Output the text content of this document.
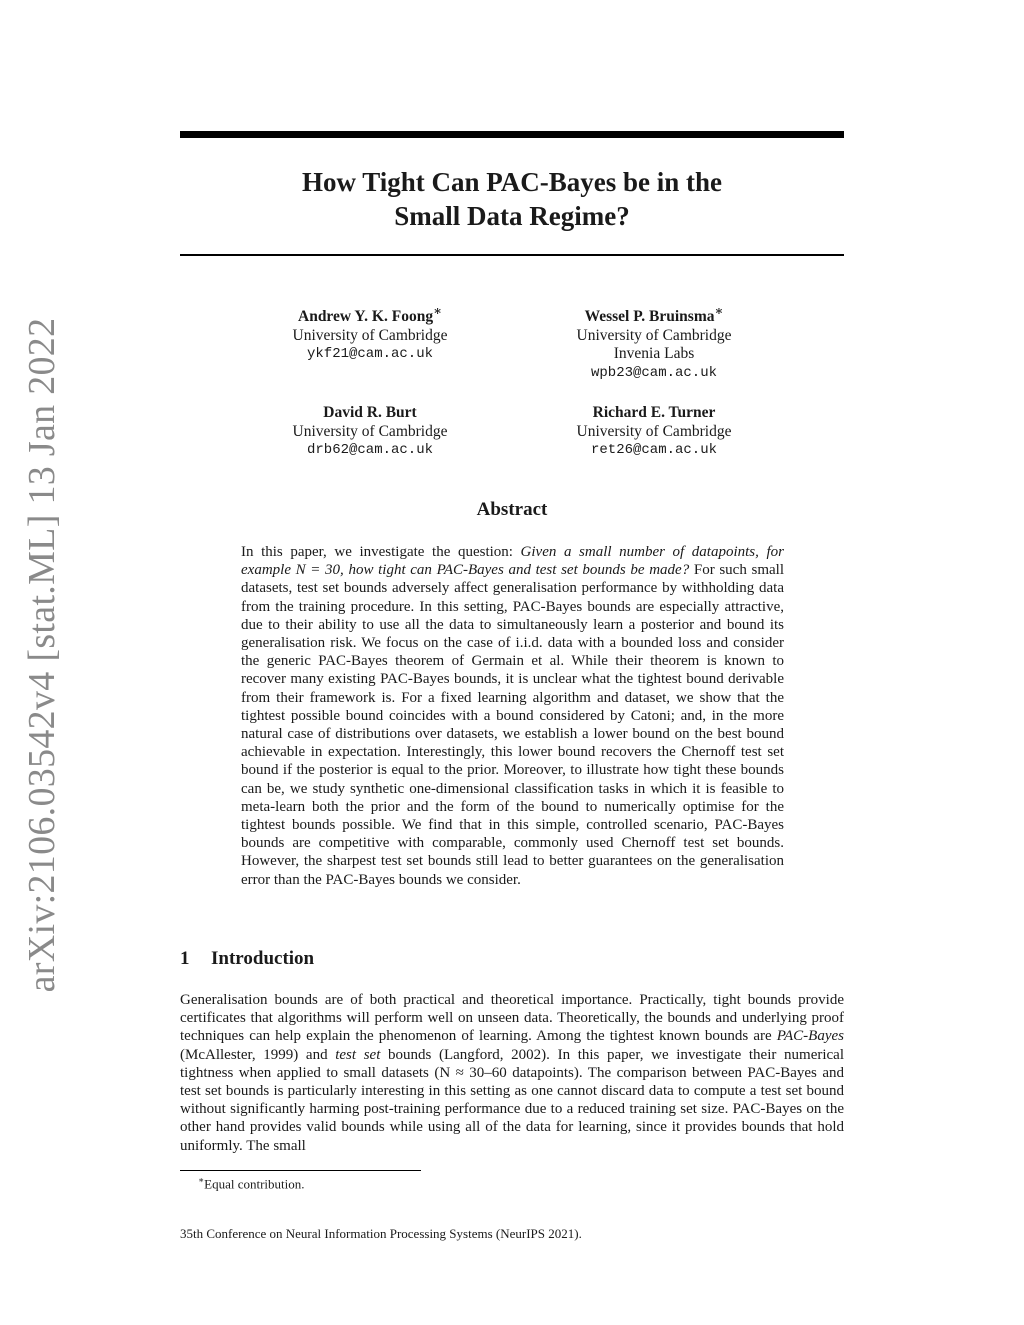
arXiv:2106.03542v4 [stat.ML] 13 Jan 2022
How Tight Can PAC-Bayes be in the
Small Data Regime?
Andrew Y. K. Foong∗
University of Cambridge
ykf21@cam.ac.uk
Wessel P. Bruinsma∗
University of Cambridge
Invenia Labs
wpb23@cam.ac.uk
David R. Burt
University of Cambridge
drb62@cam.ac.uk
Richard E. Turner
University of Cambridge
ret26@cam.ac.uk
Abstract

In this paper, we investigate the question: Given a small number of datapoints, for example N = 30, how tight can PAC-Bayes and test set bounds be made? For such small datasets, test set bounds adversely affect generalisation performance by withholding data from the training procedure. In this setting, PAC-Bayes bounds are especially attractive, due to their ability to use all the data to simultaneously learn a posterior and bound its generalisation risk. We focus on the case of i.i.d. data with a bounded loss and consider the generic PAC-Bayes theorem of Germain et al. While their theorem is known to recover many existing PAC-Bayes bounds, it is unclear what the tightest bound derivable from their framework is. For a fixed learning algorithm and dataset, we show that the tightest possible bound coincides with a bound considered by Catoni; and, in the more natural case of distributions over datasets, we establish a lower bound on the best bound achievable in expectation. Interestingly, this lower bound recovers the Chernoff test set bound if the posterior is equal to the prior. Moreover, to illustrate how tight these bounds can be, we study synthetic one-dimensional classification tasks in which it is feasible to meta-learn both the prior and the form of the bound to numerically optimise for the tightest bounds possible. We find that in this simple, controlled scenario, PAC-Bayes bounds are competitive with comparable, commonly used Chernoff test set bounds. However, the sharpest test set bounds still lead to better guarantees on the generalisation error than the PAC-Bayes bounds we consider.

1 Introduction

Generalisation bounds are of both practical and theoretical importance. Practically, tight bounds provide certificates that algorithms will perform well on unseen data. Theoretically, the bounds and underlying proof techniques can help explain the phenomenon of learning. Among the tightest known bounds are PAC-Bayes (McAllester, 1999) and test set bounds (Langford, 2002). In this paper, we investigate their numerical tightness when applied to small datasets (N ≈ 30–60 datapoints). The comparison between PAC-Bayes and test set bounds is particularly interesting in this setting as one cannot discard data to compute a test set bound without significantly harming post-training performance due to a reduced training set size. PAC-Bayes on the other hand provides valid bounds while using all of the data for learning, since it provides bounds that hold uniformly. The small

∗Equal contribution.
35th Conference on Neural Information Processing Systems (NeurIPS 2021).
